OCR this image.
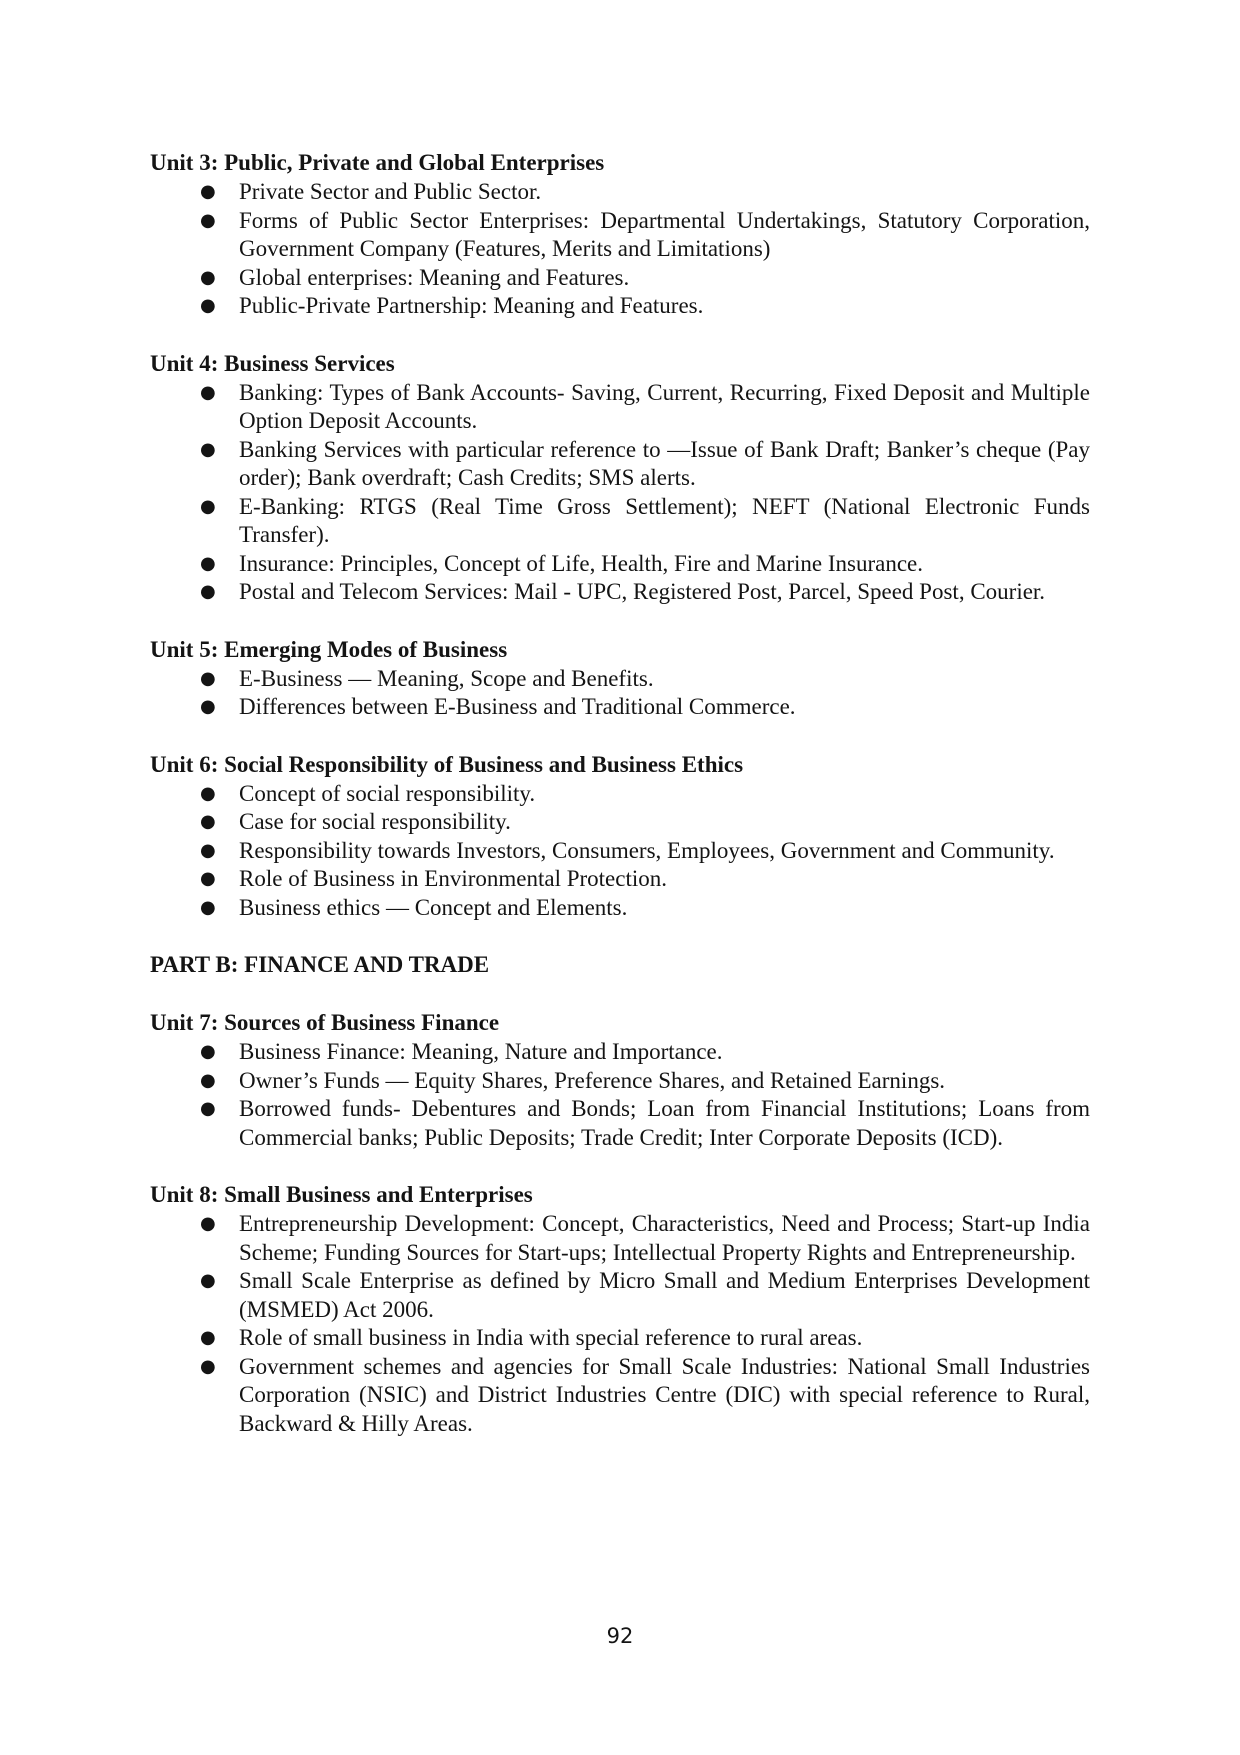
Unit 3: Public, Private and Global Enterprises

● Private Sector and Public Sector.
● Forms of Public Sector Enterprises: Departmental Undertakings, Statutory Corporation, Government Company (Features, Merits and Limitations)
● Global enterprises: Meaning and Features.
● Public-Private Partnership: Meaning and Features.

Unit 4: Business Services

● Banking: Types of Bank Accounts- Saving, Current, Recurring, Fixed Deposit and Multiple Option Deposit Accounts.
● Banking Services with particular reference to —Issue of Bank Draft; Banker’s cheque (Pay order); Bank overdraft; Cash Credits; SMS alerts.
● E-Banking: RTGS (Real Time Gross Settlement); NEFT (National Electronic Funds Transfer).
● Insurance: Principles, Concept of Life, Health, Fire and Marine Insurance.
● Postal and Telecom Services: Mail - UPC, Registered Post, Parcel, Speed Post, Courier.

Unit 5: Emerging Modes of Business

● E-Business — Meaning, Scope and Benefits.
● Differences between E-Business and Traditional Commerce.

Unit 6: Social Responsibility of Business and Business Ethics

● Concept of social responsibility.
● Case for social responsibility.
● Responsibility towards Investors, Consumers, Employees, Government and Community.
● Role of Business in Environmental Protection.
● Business ethics — Concept and Elements.

PART B: FINANCE AND TRADE

Unit 7: Sources of Business Finance

● Business Finance: Meaning, Nature and Importance.
● Owner’s Funds — Equity Shares, Preference Shares, and Retained Earnings.
● Borrowed funds- Debentures and Bonds; Loan from Financial Institutions; Loans from Commercial banks; Public Deposits; Trade Credit; Inter Corporate Deposits (ICD).

Unit 8: Small Business and Enterprises

● Entrepreneurship Development: Concept, Characteristics, Need and Process; Start-up India Scheme; Funding Sources for Start-ups; Intellectual Property Rights and Entrepreneurship.
● Small Scale Enterprise as defined by Micro Small and Medium Enterprises Development (MSMED) Act 2006.
● Role of small business in India with special reference to rural areas.
● Government schemes and agencies for Small Scale Industries: National Small Industries Corporation (NSIC) and District Industries Centre (DIC) with special reference to Rural, Backward & Hilly Areas.
92
